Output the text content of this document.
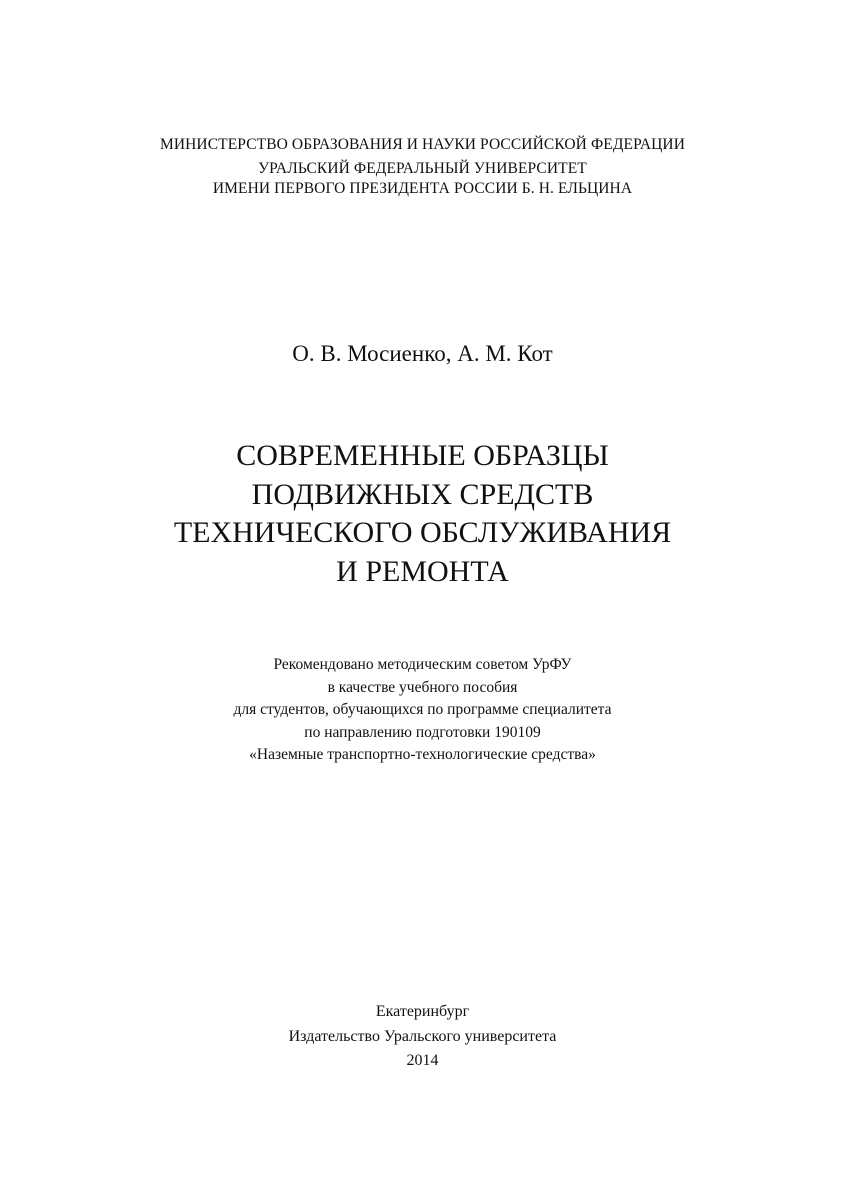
МИНИСТЕРСТВО ОБРАЗОВАНИЯ И НАУКИ РОССИЙСКОЙ ФЕДЕРАЦИИ
УРАЛЬСКИЙ ФЕДЕРАЛЬНЫЙ УНИВЕРСИТЕТ
ИМЕНИ ПЕРВОГО ПРЕЗИДЕНТА РОССИИ Б. Н. ЕЛЬЦИНА
О. В. Мосиенко, А. М. Кот
СОВРЕМЕННЫЕ ОБРАЗЦЫ
ПОДВИЖНЫХ СРЕДСТВ
ТЕХНИЧЕСКОГО ОБСЛУЖИВАНИЯ
И РЕМОНТА
Рекомендовано методическим советом УрФУ
в качестве учебного пособия
для студентов, обучающихся по программе специалитета
по направлению подготовки 190109
«Наземные транспортно-технологические средства»
Екатеринбург
Издательство Уральского университета
2014
